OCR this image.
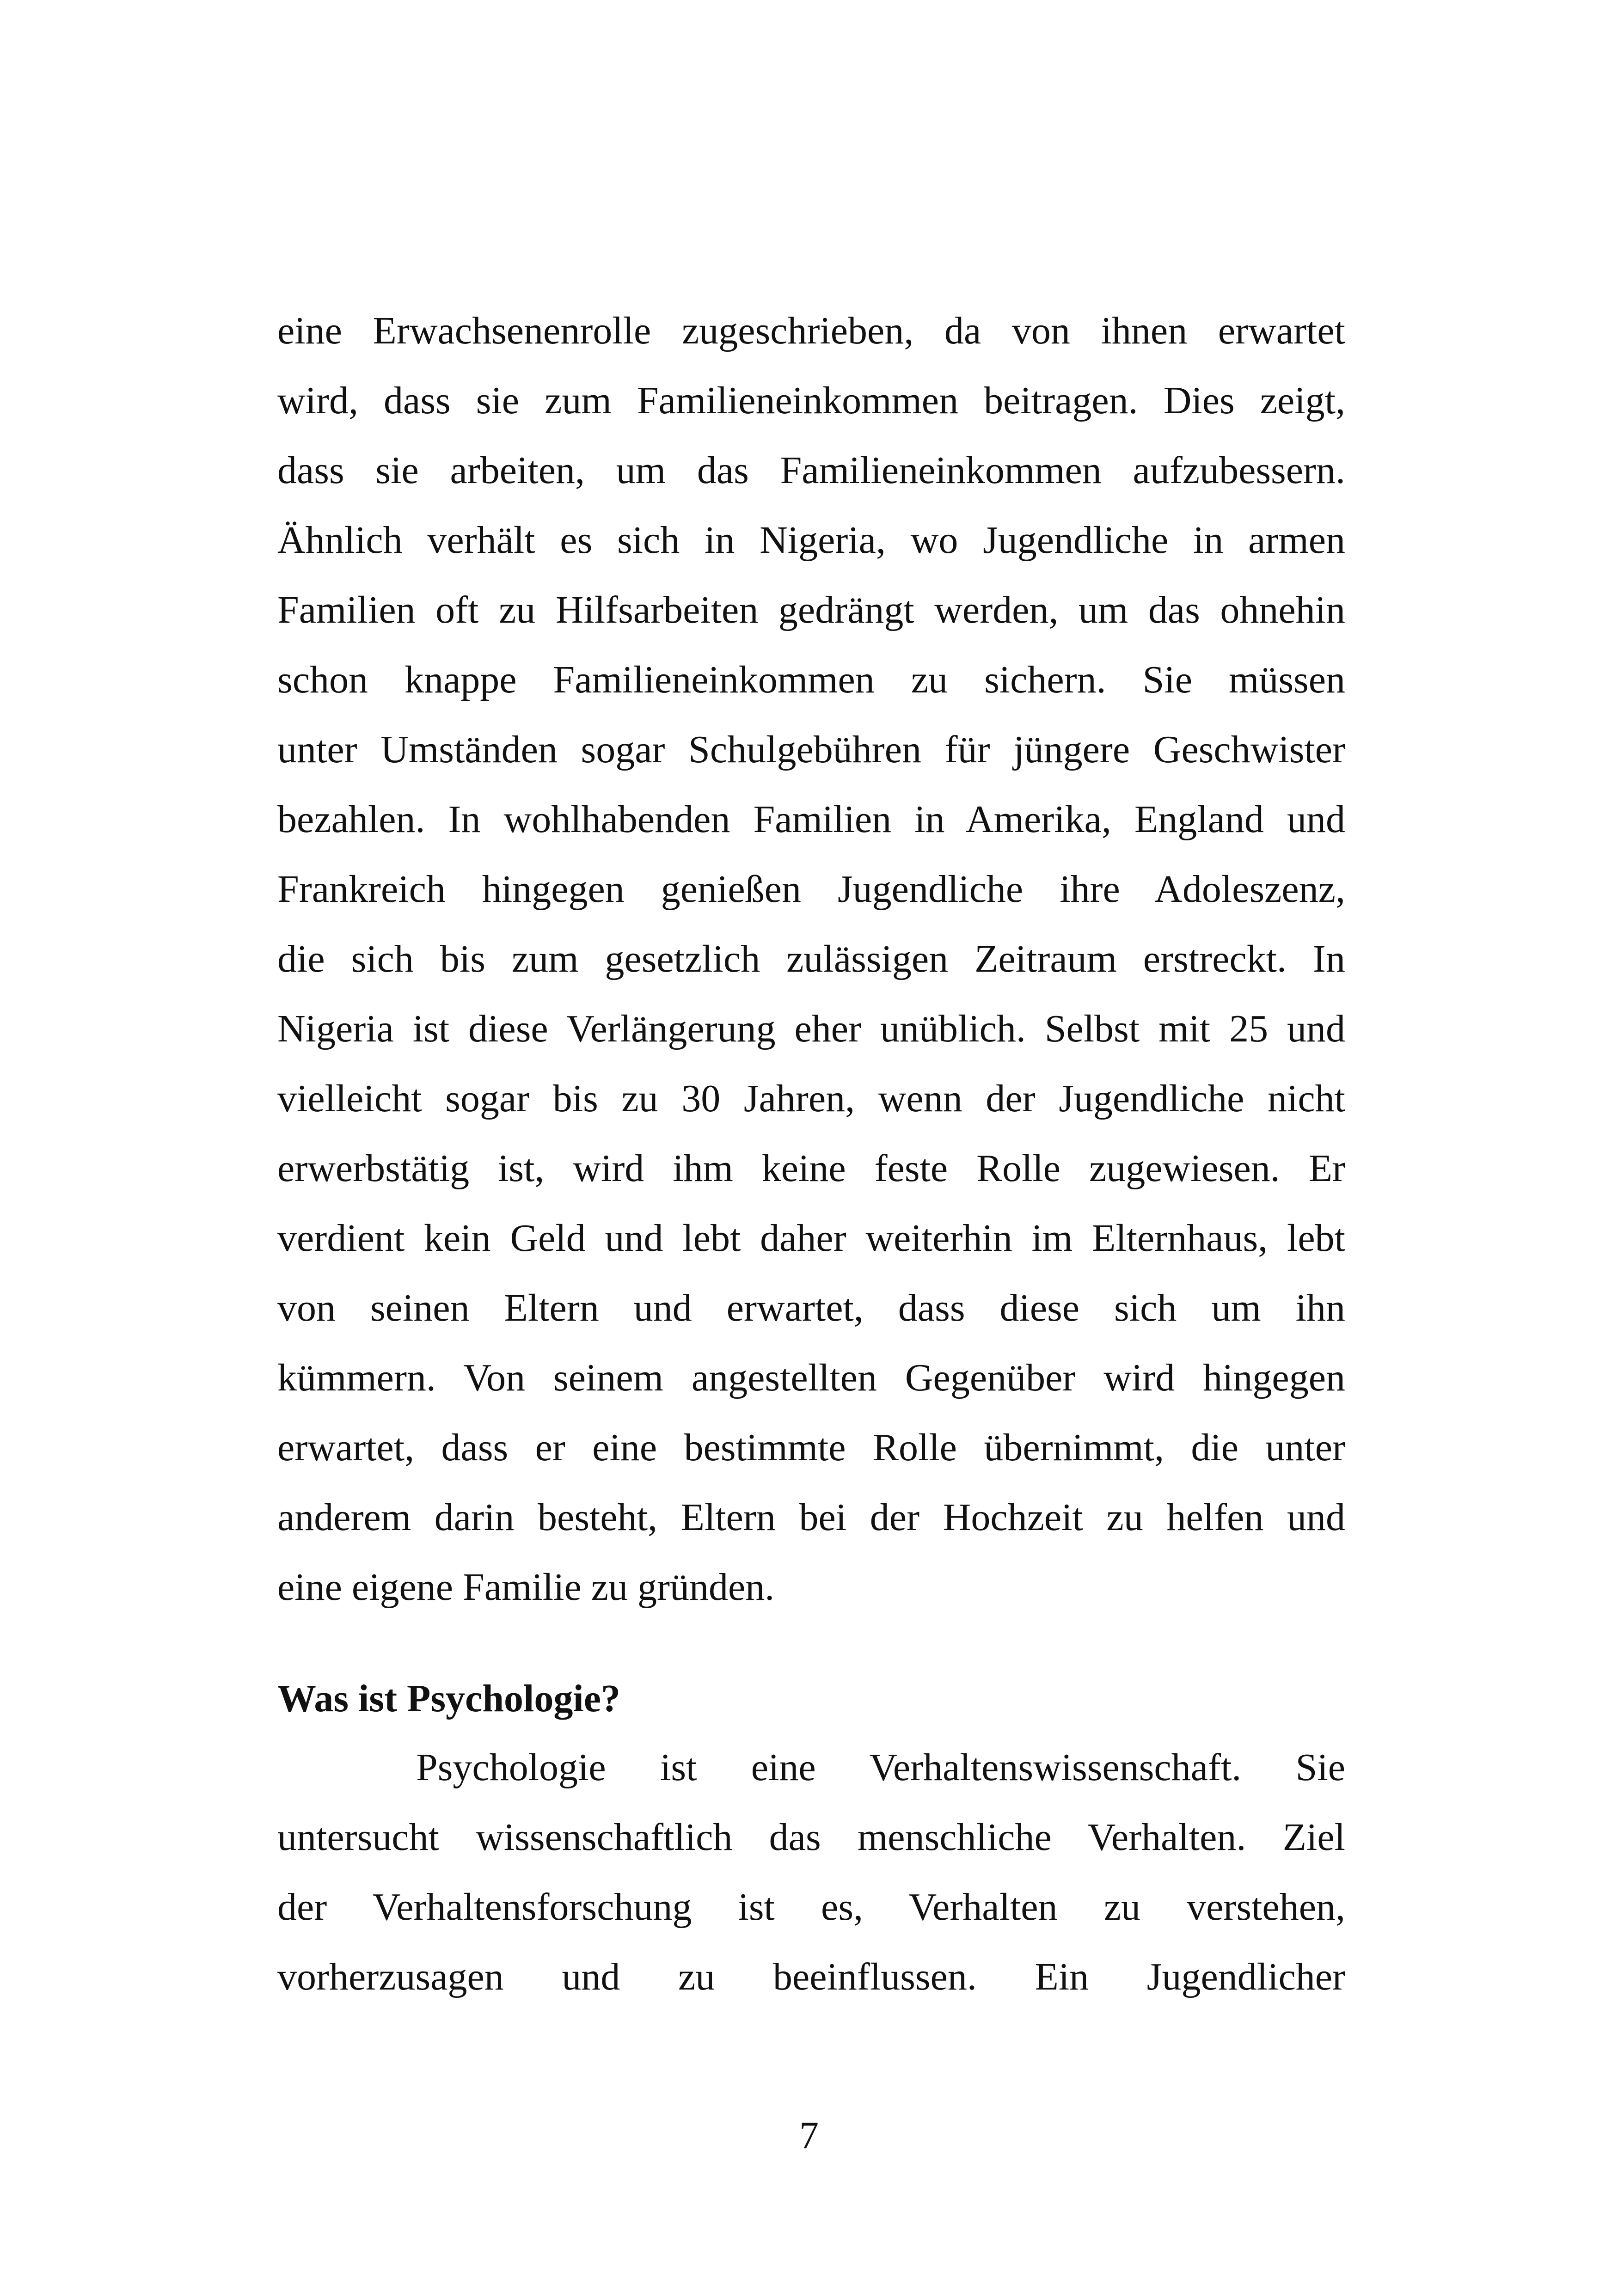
eine Erwachsenenrolle zugeschrieben, da von ihnen erwartet
wird, dass sie zum Familieneinkommen beitragen. Dies zeigt,
dass sie arbeiten, um das Familieneinkommen aufzubessern.
Ähnlich verhält es sich in Nigeria, wo Jugendliche in armen
Familien oft zu Hilfsarbeiten gedrängt werden, um das ohnehin
schon knappe Familieneinkommen zu sichern. Sie müssen
unter Umständen sogar Schulgebühren für jüngere Geschwister
bezahlen. In wohlhabenden Familien in Amerika, England und
Frankreich hingegen genießen Jugendliche ihre Adoleszenz,
die sich bis zum gesetzlich zulässigen Zeitraum erstreckt. In
Nigeria ist diese Verlängerung eher unüblich. Selbst mit 25 und
vielleicht sogar bis zu 30 Jahren, wenn der Jugendliche nicht
erwerbstätig ist, wird ihm keine feste Rolle zugewiesen. Er
verdient kein Geld und lebt daher weiterhin im Elternhaus, lebt
von seinen Eltern und erwartet, dass diese sich um ihn
kümmern. Von seinem angestellten Gegenüber wird hingegen
erwartet, dass er eine bestimmte Rolle übernimmt, die unter
anderem darin besteht, Eltern bei der Hochzeit zu helfen und
eine eigene Familie zu gründen.
Was ist Psychologie?
Psychologie ist eine Verhaltenswissenschaft. Sie
untersucht wissenschaftlich das menschliche Verhalten. Ziel
der Verhaltensforschung ist es, Verhalten zu verstehen,
vorherzusagen und zu beeinflussen. Ein Jugendlicher
7
